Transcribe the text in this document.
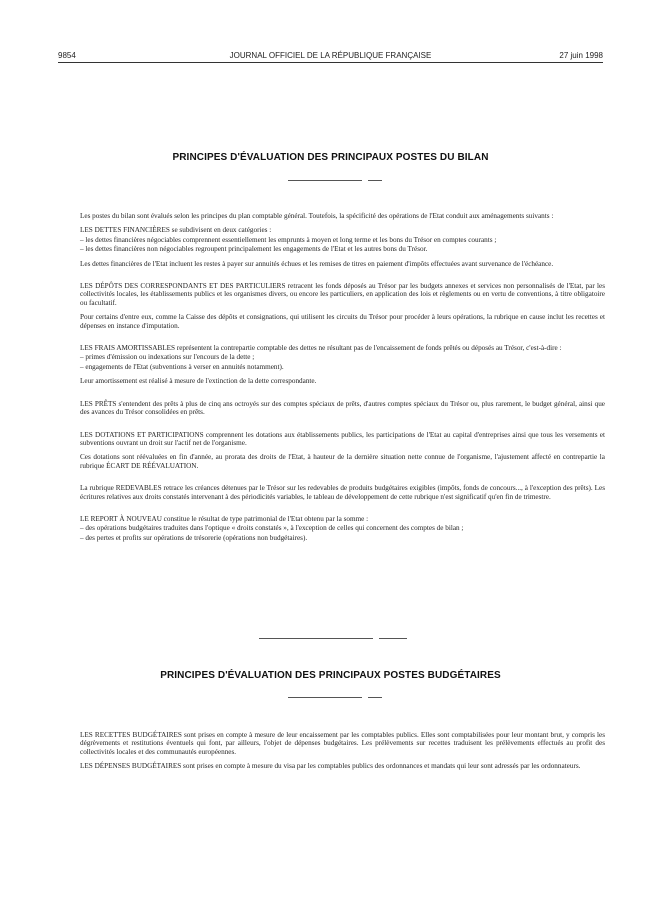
9854	JOURNAL OFFICIEL DE LA RÉPUBLIQUE FRANÇAISE	27 juin 1998
PRINCIPES D'ÉVALUATION DES PRINCIPAUX POSTES DU BILAN

Les postes du bilan sont évalués selon les principes du plan comptable général. Toutefois, la spécificité des opérations de l'Etat conduit aux aménagements suivants :

LES DETTES FINANCIÈRES se subdivisent en deux catégories :

– les dettes financières négociables comprennent essentiellement les emprunts à moyen et long terme et les bons du Trésor en comptes courants ;

– les dettes financières non négociables regroupent principalement les engagements de l'Etat et les autres bons du Trésor.

Les dettes financières de l'Etat incluent les restes à payer sur annuités échues et les remises de titres en paiement d'impôts effectuées avant survenance de l'échéance.

LES DÉPÔTS DES CORRESPONDANTS ET DES PARTICULIERS retracent les fonds déposés au Trésor par les budgets annexes et services non personnalisés de l'Etat, par les collectivités locales, les établissements publics et les organismes divers, ou encore les particuliers, en application des lois et règlements ou en vertu de conventions, à titre obligatoire ou facultatif.

Pour certains d'entre eux, comme la Caisse des dépôts et consignations, qui utilisent les circuits du Trésor pour procéder à leurs opérations, la rubrique en cause inclut les recettes et dépenses en instance d'imputation.

LES FRAIS AMORTISSABLES représentent la contrepartie comptable des dettes ne résultant pas de l'encaissement de fonds prêtés ou déposés au Trésor, c'est-à-dire :

– primes d'émission ou indexations sur l'encours de la dette ;

– engagements de l'Etat (subventions à verser en annuités notamment).

Leur amortissement est réalisé à mesure de l'extinction de la dette correspondante.

LES PRÊTS s'entendent des prêts à plus de cinq ans octroyés sur des comptes spéciaux de prêts, d'autres comptes spéciaux du Trésor ou, plus rarement, le budget général, ainsi que des avances du Trésor consolidées en prêts.

LES DOTATIONS ET PARTICIPATIONS comprennent les dotations aux établissements publics, les participations de l'Etat au capital d'entreprises ainsi que tous les versements et subventions ouvrant un droit sur l'actif net de l'organisme.

Ces dotations sont réévaluées en fin d'année, au prorata des droits de l'Etat, à hauteur de la dernière situation nette connue de l'organisme, l'ajustement affecté en contrepartie la rubrique ÉCART DE RÉÉVALUATION.

La rubrique REDEVABLES retrace les créances détenues par le Trésor sur les redevables de produits budgétaires exigibles (impôts, fonds de concours..., à l'exception des prêts). Les écritures relatives aux droits constatés intervenant à des périodicités variables, le tableau de développement de cette rubrique n'est significatif qu'en fin de trimestre.

LE REPORT À NOUVEAU constitue le résultat de type patrimonial de l'Etat obtenu par la somme :

– des opérations budgétaires traduites dans l'optique « droits constatés », à l'exception de celles qui concernent des comptes de bilan ;

– des pertes et profits sur opérations de trésorerie (opérations non budgétaires).

PRINCIPES D'ÉVALUATION DES PRINCIPAUX POSTES BUDGÉTAIRES

LES RECETTES BUDGÉTAIRES sont prises en compte à mesure de leur encaissement par les comptables publics. Elles sont comptabilisées pour leur montant brut, y compris les dégrèvements et restitutions éventuels qui font, par ailleurs, l'objet de dépenses budgétaires. Les prélèvements sur recettes traduisent les prélèvements effectués au profit des collectivités locales et des communautés européennes.

LES DÉPENSES BUDGÉTAIRES sont prises en compte à mesure du visa par les comptables publics des ordonnances et mandats qui leur sont adressés par les ordonnateurs.
